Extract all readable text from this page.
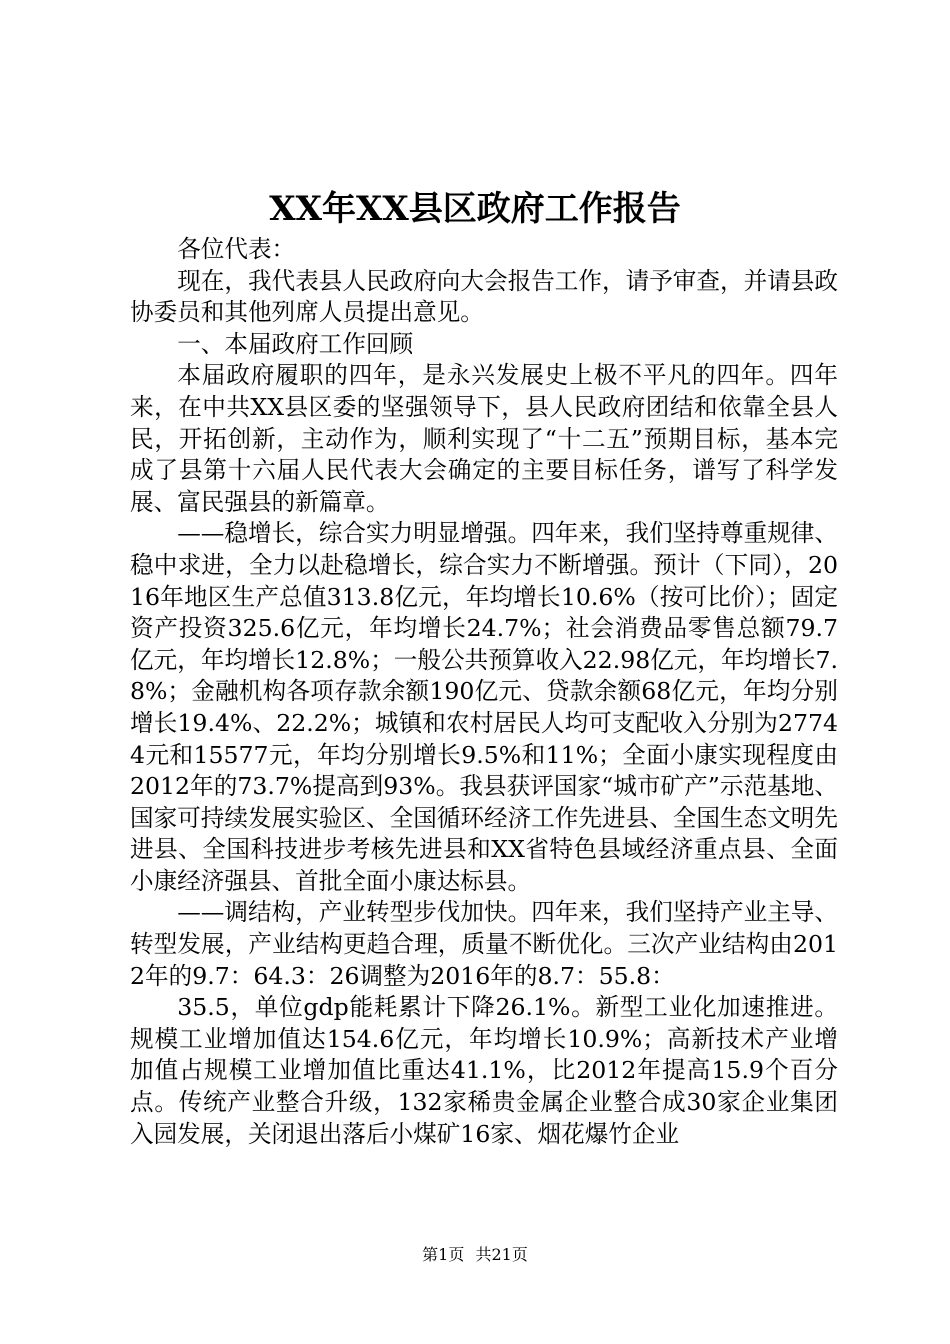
XX年XX县区政府工作报告

各位代表：

现在，我代表县人民政府向大会报告工作，请予审查，并请县政协委员和其他列席人员提出意见。

一、本届政府工作回顾

本届政府履职的四年，是永兴发展史上极不平凡的四年。四年来，在中共XX县区委的坚强领导下，县人民政府团结和依靠全县人民，开拓创新，主动作为，顺利实现了“十二五”预期目标，基本完成了县第十六届人民代表大会确定的主要目标任务，谱写了科学发展、富民强县的新篇章。

——稳增长，综合实力明显增强。四年来，我们坚持尊重规律、稳中求进，全力以赴稳增长，综合实力不断增强。预计（下同），2016年地区生产总值313.8亿元，年均增长10.6%（按可比价）；固定资产投资325.6亿元，年均增长24.7%；社会消费品零售总额79.7亿元，年均增长12.8%；一般公共预算收入22.98亿元，年均增长7.8%；金融机构各项存款余额190亿元、贷款余额68亿元，年均分别增长19.4%、22.2%；城镇和农村居民人均可支配收入分别为27744元和15577元，年均分别增长9.5%和11%；全面小康实现程度由2012年的73.7%提高到93%。我县获评国家“城市矿产”示范基地、国家可持续发展实验区、全国循环经济工作先进县、全国生态文明先进县、全国科技进步考核先进县和XX省特色县域经济重点县、全面小康经济强县、首批全面小康达标县。

——调结构，产业转型步伐加快。四年来，我们坚持产业主导、转型发展，产业结构更趋合理，质量不断优化。三次产业结构由2012年的9.7：64.3：26调整为2016年的8.7：55.8：

35.5，单位gdp能耗累计下降26.1%。新型工业化加速推进。规模工业增加值达154.6亿元，年均增长10.9%；高新技术产业增加值占规模工业增加值比重达41.1%，比2012年提高15.9个百分点。传统产业整合升级，132家稀贵金属企业整合成30家企业集团入园发展，关闭退出落后小煤矿16家、烟花爆竹企业

第1页 共21页
